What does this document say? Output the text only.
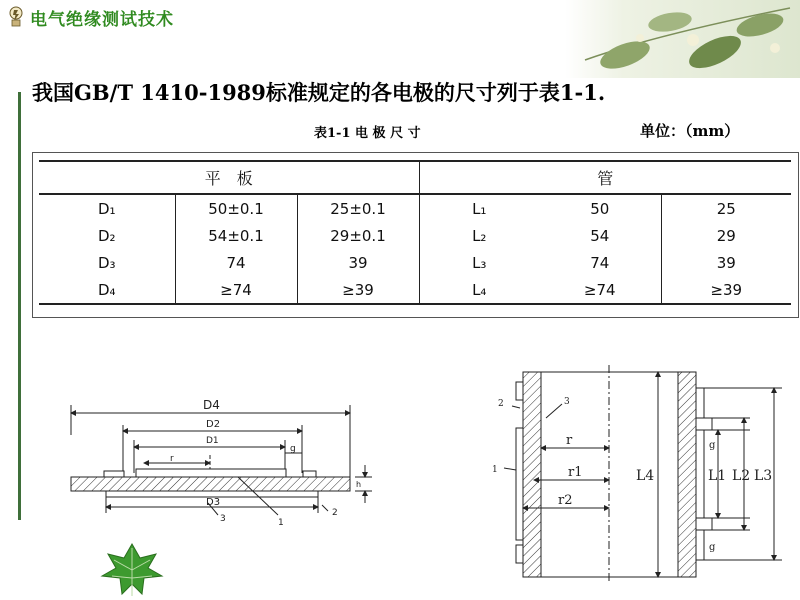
电气绝缘测试技术
我国GB/T 1410-1989标准规定的各电极的尺寸列于表1-1.
表1-1 电 极 尺 寸	单位：（mm）
平　板			管		
D₁	50±0.1	25±0.1	L₁	50	25
D₂	54±0.1	29±0.1	L₂	54	29
D₃	74	39	L₃	74	39
D₄	≥74	≥39	L₄	≥74	≥39
D4
D2
D1
r
g
h
D3
3	1
2
2	3
1
r
r1
r2
L4	L1 L2 L3
g
g
